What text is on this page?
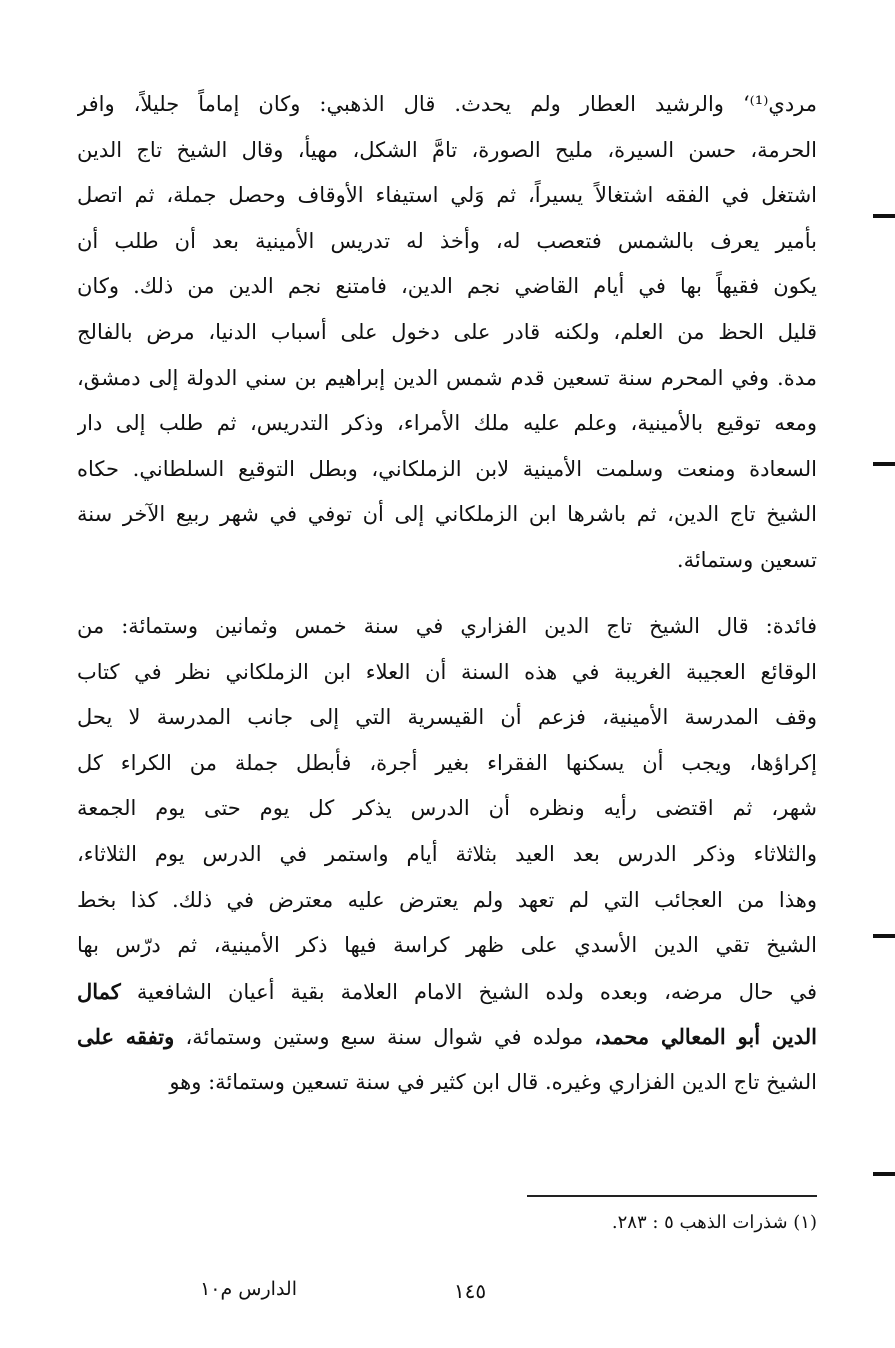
مرديʻ⁽¹⁾ والرشيد العطار ولم يحدث. قال الذهبي: وكان إماماً جليلاً، وافر
الحرمة، حسن السيرة، مليح الصورة، تامَّ الشكل، مهيأ، وقال الشيخ تاج الدين
اشتغل في الفقه اشتغالاً يسيراً، ثم وَلي استيفاء الأوقاف وحصل جملة، ثم اتصل
بأمير يعرف بالشمس فتعصب له، وأخذ له تدريس الأمينية بعد أن طلب أن
يكون فقيهاً بها في أيام القاضي نجم الدين، فامتنع نجم الدين من ذلك. وكان
قليل الحظ من العلم، ولكنه قادر على دخول على أسباب الدنيا، مرض بالفالج
مدة. وفي المحرم سنة تسعين قدم شمس الدين إبراهيم بن سني الدولة إلى دمشق،
ومعه توقيع بالأمينية، وعلم عليه ملك الأمراء، وذكر التدريس، ثم طلب إلى دار
السعادة ومنعت وسلمت الأمينية لابن الزملكاني، وبطل التوقيع السلطاني. حكاه
الشيخ تاج الدين، ثم باشرها ابن الزملكاني إلى أن توفي في شهر ربيع الآخر سنة
تسعين وستمائة.
فائدة: قال الشيخ تاج الدين الفزاري في سنة خمس وثمانين وستمائة: من
الوقائع العجيبة الغريبة في هذه السنة أن العلاء ابن الزملكاني نظر في كتاب
وقف المدرسة الأمينية، فزعم أن القيسرية التي إلى جانب المدرسة لا يحل
إكراؤها، ويجب أن يسكنها الفقراء بغير أجرة، فأبطل جملة من الكراء كل
شهر، ثم اقتضى رأيه ونظره أن الدرس يذكر كل يوم حتى يوم الجمعة
والثلاثاء وذكر الدرس بعد العيد بثلاثة أيام واستمر في الدرس يوم الثلاثاء،
وهذا من العجائب التي لم تعهد ولم يعترض عليه معترض في ذلك. كذا بخط
الشيخ تقي الدين الأسدي على ظهر كراسة فيها ذكر الأمينية، ثم درّس بها
في حال مرضه، وبعده ولده الشيخ الامام العلامة بقية أعيان الشافعية كمال
الدين أبو المعالي محمد، مولده في شوال سنة سبع وستين وستمائة، وتفقه على
الشيخ تاج الدين الفزاري وغيره. قال ابن كثير في سنة تسعين وستمائة: وهو
(١) شذرات الذهب ٥ : ٢٨٣.
الدارس م١٠	١٤٥
